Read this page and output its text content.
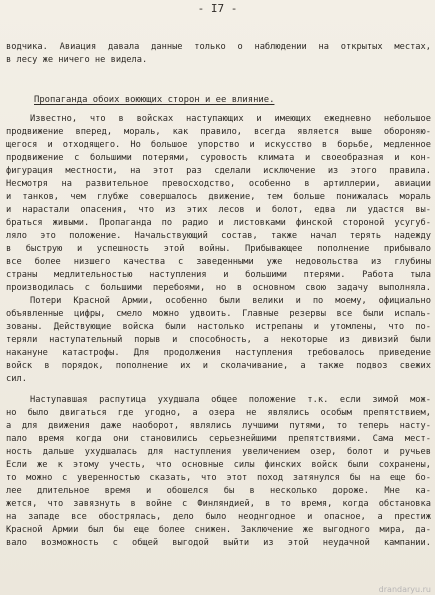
- I7 -
водчика. Авиация давала данные только о наблюдении на открытых местах,
в лесу же ничего не видела.
Пропаганда обоих воюющих сторон и ее влияние.
Известно, что в войсках наступающих и имеющих ежедневно небольшое
продвижение вперед, мораль, как правило, всегда является выше обороняю-
щегося и отходящего. Но большое упорство и искусство в борьбе, медленное
продвижение с большими потерями, суровость климата и своеобразная и кон-
фигурация местности, на этот раз сделали исключение из этого правила.
Несмотря на развительное превосходство, особенно в артиллерии, авиации
и танков, чем глубже совершалось движение, тем больше понижалась мораль
и нарастали опасения, что из этих лесов и болот, едва ли удастся вы-
браться живыми. Пропаганда по радио и листовками финской стороной усугуб-
ляло это положение. Начальствующий состав, также начал терять надежду
в быструю и успешность этой войны. Прибывающее пополнение прибывало
все более низшего качества с заведенными уже недовольства из глубины
страны медлительностью наступления и большими птерями. Работа тыла
производилась с большими перебоями, но в основном свою задачу выполняла.
Потери Красной Армии, особенно были велики и по моему, официально
объявленные цифры, смело можно удвоить. Главные резервы все были испаль-
зованы. Действующие войска были настолько истрепаны и утомлены, что по-
теряли наступательный порыв и способность, а некоторые из дивизий были
накануне катастрофы. Для продолжения наступления требовалось приведение
войск в порядок, пополнение их и сколачивание, а также подвоз свежих
сил.
Наступавшая распутица ухудшала общее положение т.к. если зимой мож-
но было двигаться где угодно, а озера не являлись особым препятствием,
а для движения даже наоборот, являлись лучшими путями, то теперь насту-
пало время когда они становились серьезнейшими препятствиями. Сама мест-
ность дальше ухудшалась для наступления увеличением озер, болот и ручьев
Если же к этому учесть, что основные силы финских войск были сохранены,
то можно с уверенностью сказать, что этот поход затянулся бы на еще бо-
лее длительное время и обошелся бы в несколько дороже. Мне ка-
жется, что завязнуть в войне с Финляндией, в то время, когда обстановка
на западе все обострялась, дело было неоднгодное и опасное, а престиж
Красной Армии был бы еще более снижен. Заключение же выгодного мира, да-
вало возможность с общей выгодой выйти из этой неудачной кампании.
drandaryu.ru
